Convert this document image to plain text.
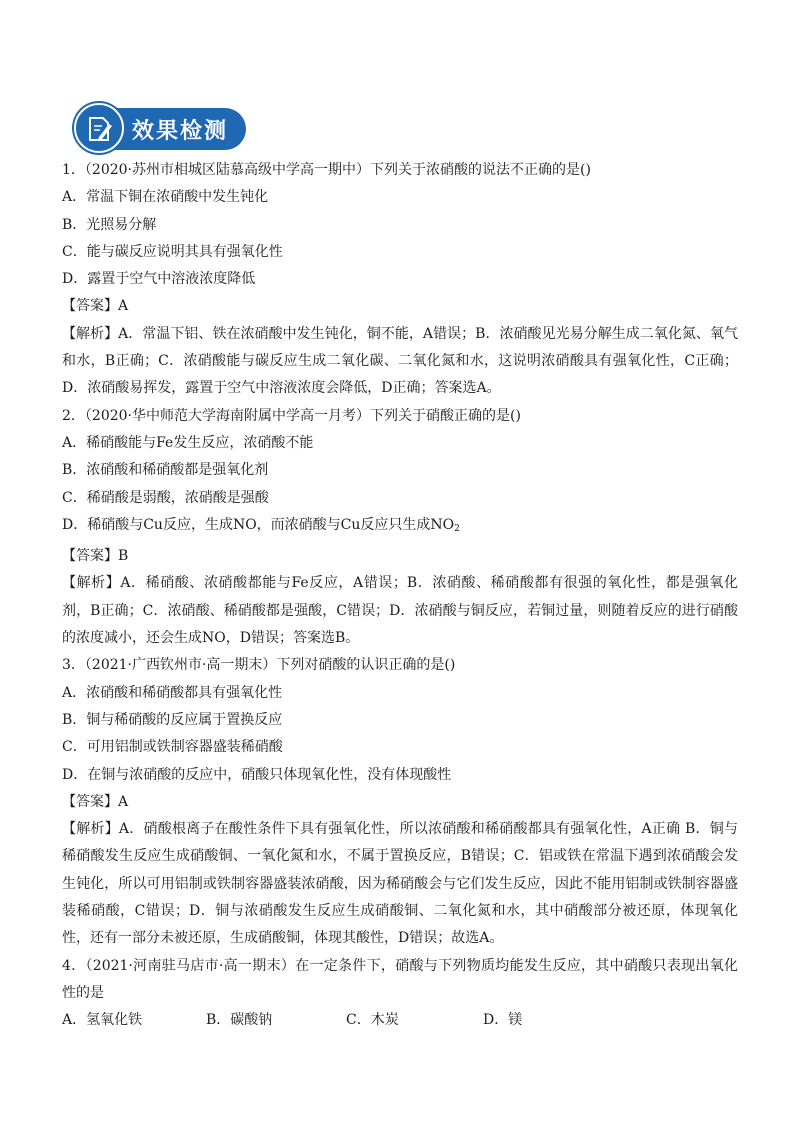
效果检测
1．（2020·苏州市相城区陆慕高级中学高一期中）下列关于浓硝酸的说法不正确的是()
A．常温下铜在浓硝酸中发生钝化
B．光照易分解
C．能与碳反应说明其具有强氧化性
D．露置于空气中溶液浓度降低
【答案】A
【解析】A．常温下铝、铁在浓硝酸中发生钝化，铜不能，A错误；B．浓硝酸见光易分解生成二氧化氮、氧气和水，B正确；C．浓硝酸能与碳反应生成二氧化碳、二氧化氮和水，这说明浓硝酸具有强氧化性，C正确；D．浓硝酸易挥发，露置于空气中溶液浓度会降低，D正确；答案选A。
2．（2020·华中师范大学海南附属中学高一月考）下列关于硝酸正确的是()
A．稀硝酸能与Fe发生反应，浓硝酸不能
B．浓硝酸和稀硝酸都是强氧化剂
C．稀硝酸是弱酸，浓硝酸是强酸
D．稀硝酸与Cu反应，生成NO，而浓硝酸与Cu反应只生成$NO_2$
【答案】B
【解析】A．稀硝酸、浓硝酸都能与Fe反应，A错误；B．浓硝酸、稀硝酸都有很强的氧化性，都是强氧化剂，B正确；C．浓硝酸、稀硝酸都是强酸，C错误；D．浓硝酸与铜反应，若铜过量，则随着反应的进行硝酸的浓度减小，还会生成NO，D错误；答案选B。
3．（2021·广西钦州市·高一期末）下列对硝酸的认识正确的是()
A．浓硝酸和稀硝酸都具有强氧化性
B．铜与稀硝酸的反应属于置换反应
C．可用铝制或铁制容器盛装稀硝酸
D．在铜与浓硝酸的反应中，硝酸只体现氧化性，没有体现酸性
【答案】A
【解析】A．硝酸根离子在酸性条件下具有强氧化性，所以浓硝酸和稀硝酸都具有强氧化性，A正确 B．铜与稀硝酸发生反应生成硝酸铜、一氧化氮和水，不属于置换反应，B错误；C．铝或铁在常温下遇到浓硝酸会发生钝化，所以可用铝制或铁制容器盛装浓硝酸，因为稀硝酸会与它们发生反应，因此不能用铝制或铁制容器盛装稀硝酸，C错误；D．铜与浓硝酸发生反应生成硝酸铜、二氧化氮和水，其中硝酸部分被还原，体现氧化性，还有一部分未被还原，生成硝酸铜，体现其酸性，D错误；故选A。
4．（2021·河南驻马店市·高一期末）在一定条件下，硝酸与下列物质均能发生反应，其中硝酸只表现出氧化性的是
A．氢氧化铁	B．碳酸钠	C．木炭	D．镁
